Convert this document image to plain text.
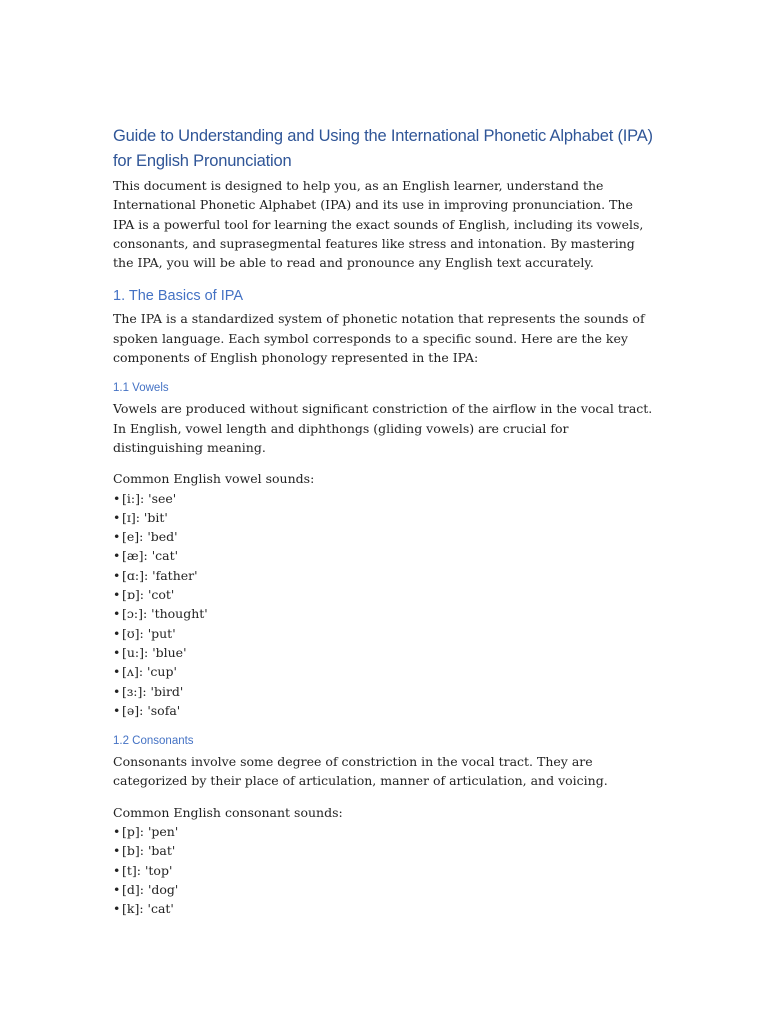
Guide to Understanding and Using the International Phonetic Alphabet (IPA) for English Pronunciation

This document is designed to help you, as an English learner, understand the International Phonetic Alphabet (IPA) and its use in improving pronunciation. The IPA is a powerful tool for learning the exact sounds of English, including its vowels, consonants, and suprasegmental features like stress and intonation. By mastering the IPA, you will be able to read and pronounce any English text accurately.

1. The Basics of IPA

The IPA is a standardized system of phonetic notation that represents the sounds of spoken language. Each symbol corresponds to a specific sound. Here are the key components of English phonology represented in the IPA:

1.1 Vowels

Vowels are produced without significant constriction of the airflow in the vocal tract. In English, vowel length and diphthongs (gliding vowels) are crucial for distinguishing meaning.

Common English vowel sounds:

• [i:]: 'see'
• [ɪ]: 'bit'
• [e]: 'bed'
• [æ]: 'cat'
• [ɑ:]: 'father'
• [ɒ]: 'cot'
• [ɔ:]: 'thought'
• [ʊ]: 'put'
• [u:]: 'blue'
• [ʌ]: 'cup'
• [ɜ:]: 'bird'
• [ə]: 'sofa'
1.2 Consonants

Consonants involve some degree of constriction in the vocal tract. They are categorized by their place of articulation, manner of articulation, and voicing.

Common English consonant sounds:

• [p]: 'pen'
• [b]: 'bat'
• [t]: 'top'
• [d]: 'dog'
• [k]: 'cat'
